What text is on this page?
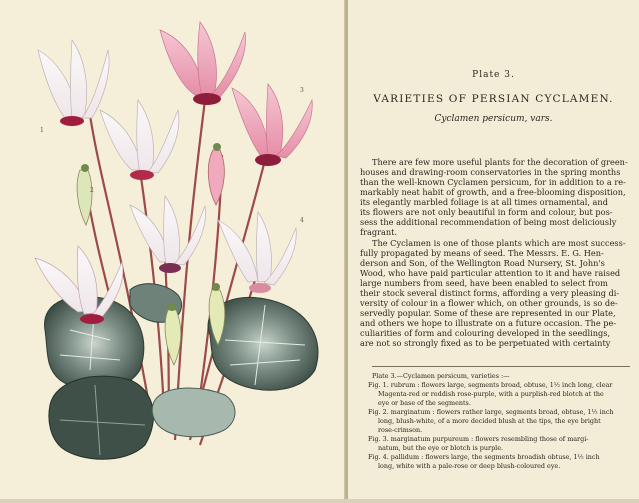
1
2
3
4

Plate 3.

VARIETIES OF PERSIAN CYCLAMEN.

Cyclamen persicum, vars.

There are few more useful plants for the decoration of green-

houses and drawing-room conservatories in the spring months

than the well-known Cyclamen persicum, for in addition to a re-

markably neat habit of growth, and a free-blooming disposition,

its elegantly marbled foliage is at all times ornamental, and

its flowers are not only beautiful in form and colour, but pos-

sess the additional recommendation of being most deliciously

fragrant.

The Cyclamen is one of those plants which are most success-

fully propagated by means of seed. The Messrs. E. G. Hen-

derson and Son, of the Wellington Road Nursery, St. John's

Wood, who have paid particular attention to it and have raised

large numbers from seed, have been enabled to select from

their stock several distinct forms, affording a very pleasing di-

versity of colour in a flower which, on other grounds, is so de-

servedly popular. Some of these are represented in our Plate,

and others we hope to illustrate on a future occasion. The pe-

culiarities of form and colouring developed in the seedlings,

are not so strongly fixed as to be perpetuated with certainty

Plate 3.—Cyclamen persicum, varieties :—

Fig. 1. rubrum : flowers large, segments broad, obtuse, 1½ inch long, clear

Magenta-red or reddish rose-purple, with a purplish-red blotch at the

eye or base of the segments.

Fig. 2. marginatum : flowers rather large, segments broad, obtuse, 1½ inch

long, blush-white, of a more decided blush at the tips, the eye bright

rose-crimson.

Fig. 3. marginatum purpureum : flowers resembling those of margi-

natum, but the eye or blotch is purple.

Fig. 4. pallidum : flowers large, the segments broadish obtuse, 1½ inch

long, white with a pale-rose or deep blush-coloured eye.
